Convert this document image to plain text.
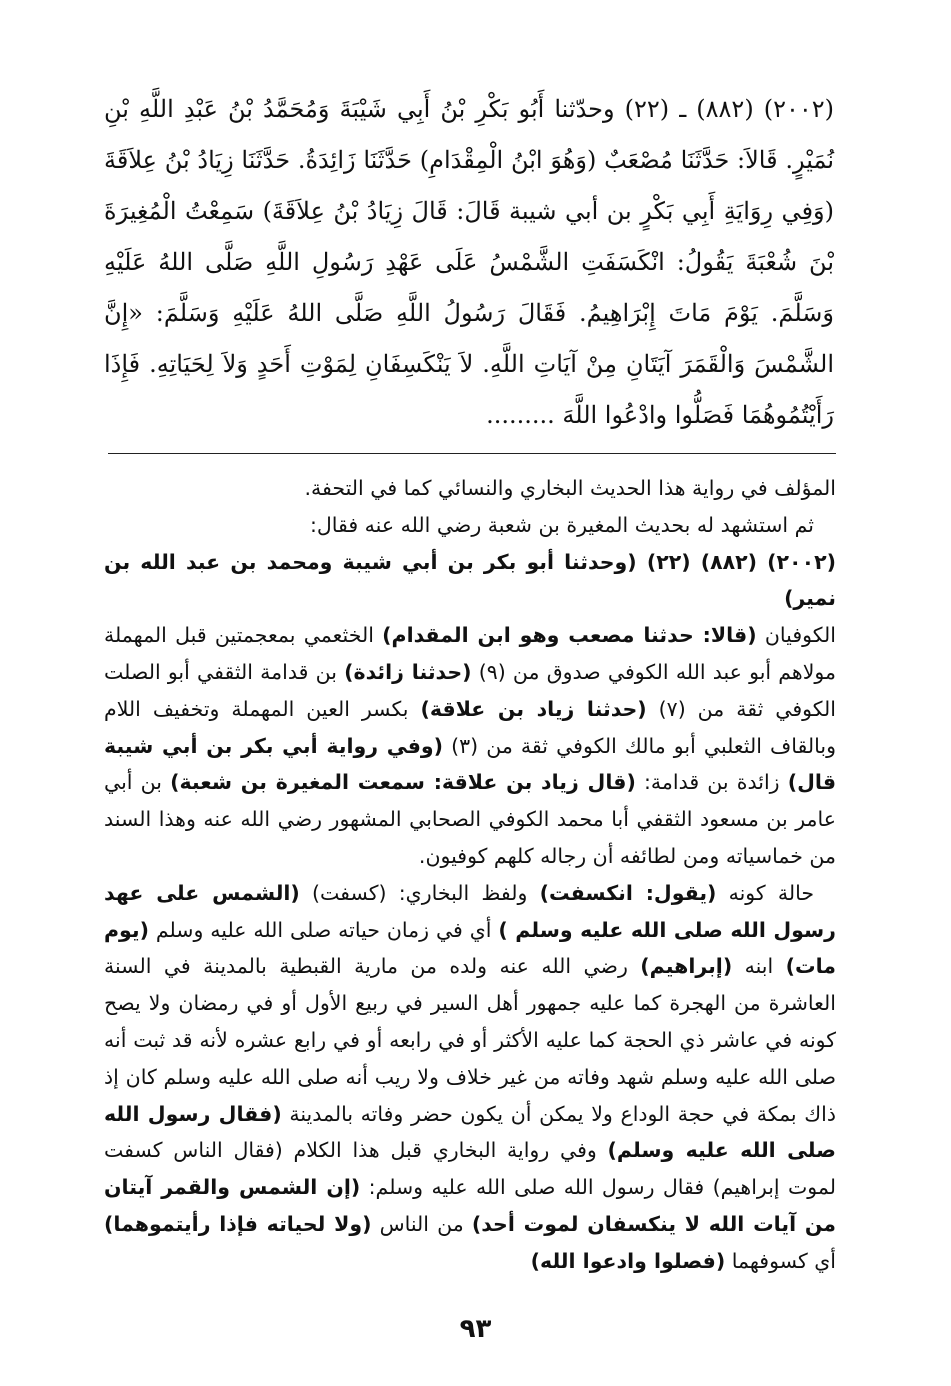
(٢٠٠٢) (٨٨٢) ـ (٢٢) وحدّثنا أَبُو بَكْرِ بْنُ أَبِي شَيْبَةَ وَمُحَمَّدُ بْنُ عَبْدِ اللَّهِ بْنِ نُمَيْرٍ. قَالاَ: حَدَّثَنَا مُصْعَبٌ (وَهُوَ ابْنُ الْمِقْدَامِ) حَدَّثَنَا زَائِدَةُ. حَدَّثَنَا زِيَادُ بْنُ عِلاَقَةَ (وَفِي رِوَايَةِ أَبِي بَكْرٍ بن أبي شيبة قَالَ: قَالَ زِيَادُ بْنُ عِلاَقَةَ) سَمِعْتُ الْمُغِيرَةَ بْنَ شُعْبَةَ يَقُولُ: انْكَسَفَتِ الشَّمْسُ عَلَى عَهْدِ رَسُولِ اللَّهِ صَلَّى اللهُ عَلَيْهِ وَسَلَّمَ. يَوْمَ مَاتَ إِبْرَاهِيمُ. فَقَالَ رَسُولُ اللَّهِ صَلَّى اللهُ عَلَيْهِ وَسَلَّمَ: «إِنَّ الشَّمْسَ وَالْقَمَرَ آيَتَانِ مِنْ آيَاتِ اللَّهِ. لاَ يَنْكَسِفَانِ لِمَوْتِ أَحَدٍ وَلاَ لِحَيَاتِهِ. فَإِذَا رَأَيْتُمُوهُمَا فَصَلُّوا وادْعُوا اللَّهَ .........

المؤلف في رواية هذا الحديث البخاري والنسائي كما في التحفة.

ثم استشهد له بحديث المغيرة بن شعبة رضي الله عنه فقال:

(٢٠٠٢) (٨٨٢) (٢٢) (وحدثنا أبو بكر بن أبي شيبة ومحمد بن عبد الله بن نمير)

الكوفيان (قالا: حدثنا مصعب وهو ابن المقدام) الخثعمي بمعجمتين قبل المهملة مولاهم أبو عبد الله الكوفي صدوق من (٩) (حدثنا زائدة) بن قدامة الثقفي أبو الصلت الكوفي ثقة من (٧) (حدثنا زياد بن علاقة) بكسر العين المهملة وتخفيف اللام وبالقاف الثعلبي أبو مالك الكوفي ثقة من (٣) (وفي رواية أبي بكر بن أبي شيبة قال) زائدة بن قدامة: (قال زياد بن علاقة: سمعت المغيرة بن شعبة) بن أبي عامر بن مسعود الثقفي أبا محمد الكوفي الصحابي المشهور رضي الله عنه وهذا السند من خماسياته ومن لطائفه أن رجاله كلهم كوفيون.

حالة كونه (يقول: انكسفت) ولفظ البخاري: (كسفت) (الشمس على عهد رسول الله صلى الله عليه وسلم ) أي في زمان حياته صلى الله عليه وسلم (يوم مات) ابنه (إبراهيم) رضي الله عنه ولده من مارية القبطية بالمدينة في السنة العاشرة من الهجرة كما عليه جمهور أهل السير في ربيع الأول أو في رمضان ولا يصح كونه في عاشر ذي الحجة كما عليه الأكثر أو في رابعه أو في رابع عشره لأنه قد ثبت أنه صلى الله عليه وسلم شهد وفاته من غير خلاف ولا ريب أنه صلى الله عليه وسلم كان إذ ذاك بمكة في حجة الوداع ولا يمكن أن يكون حضر وفاته بالمدينة (فقال رسول الله صلى الله عليه وسلم) وفي رواية البخاري قبل هذا الكلام (فقال الناس كسفت لموت إبراهيم) فقال رسول الله صلى الله عليه وسلم: (إن الشمس والقمر آيتان من آيات الله لا ينكسفان لموت أحد) من الناس (ولا لحياته فإذا رأيتموهما) أي كسوفهما (فصلوا وادعوا الله)

٩٣
